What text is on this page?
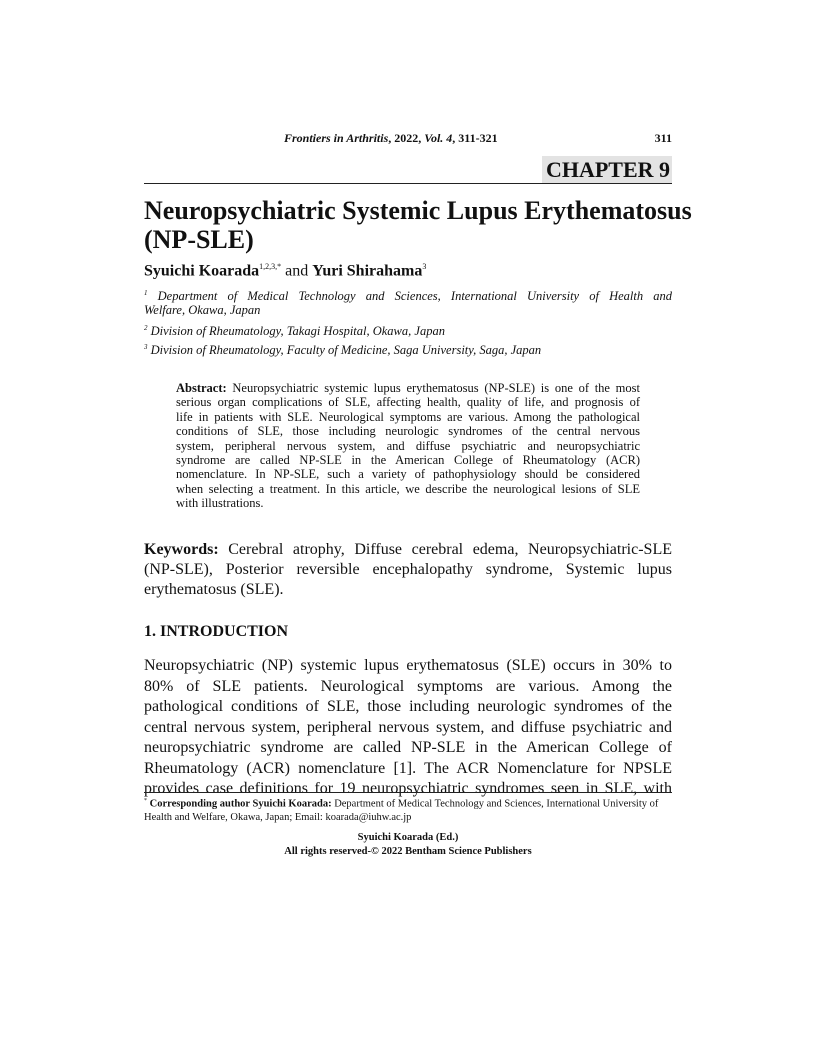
Frontiers in Arthritis, 2022, Vol. 4, 311-321	311
CHAPTER 9
Neuropsychiatric Systemic Lupus Erythematosus
(NP-SLE)
Syuichi Koarada$^{1,2,3,*}$ and Yuri Shirahama$^3$
$^1$ Department of Medical Technology and Sciences, International University of Health and
Welfare, Okawa, Japan
$^2$ Division of Rheumatology, Takagi Hospital, Okawa, Japan
$^3$ Division of Rheumatology, Faculty of Medicine, Saga University, Saga, Japan
Abstract: Neuropsychiatric systemic lupus erythematosus (NP-SLE) is one of the most
serious organ complications of SLE, affecting health, quality of life, and prognosis of
life in patients with SLE. Neurological symptoms are various. Among the pathological
conditions of SLE, those including neurologic syndromes of the central nervous
system, peripheral nervous system, and diffuse psychiatric and neuropsychiatric
syndrome are called NP-SLE in the American College of Rheumatology (ACR)
nomenclature. In NP-SLE, such a variety of pathophysiology should be considered
when selecting a treatment. In this article, we describe the neurological lesions of SLE
with illustrations.
Keywords: Cerebral atrophy, Diffuse cerebral edema, Neuropsychiatric-SLE
(NP-SLE), Posterior reversible encephalopathy syndrome, Systemic lupus
erythematosus (SLE).
1. INTRODUCTION
Neuropsychiatric (NP) systemic lupus erythematosus (SLE) occurs in 30% to
80% of SLE patients. Neurological symptoms are various. Among the
pathological conditions of SLE, those including neurologic syndromes of the
central nervous system, peripheral nervous system, and diffuse psychiatric and
neuropsychiatric syndrome are called NP-SLE in the American College of
Rheumatology (ACR) nomenclature [1]. The ACR Nomenclature for NPSLE
provides case definitions for 19 neuropsychiatric syndromes seen in SLE, with
* Corresponding author Syuichi Koarada: Department of Medical Technology and Sciences, International University of Health and Welfare, Okawa, Japan; Email: koarada@iuhw.ac.jp
Syuichi Koarada (Ed.)
All rights reserved-© 2022 Bentham Science Publishers
